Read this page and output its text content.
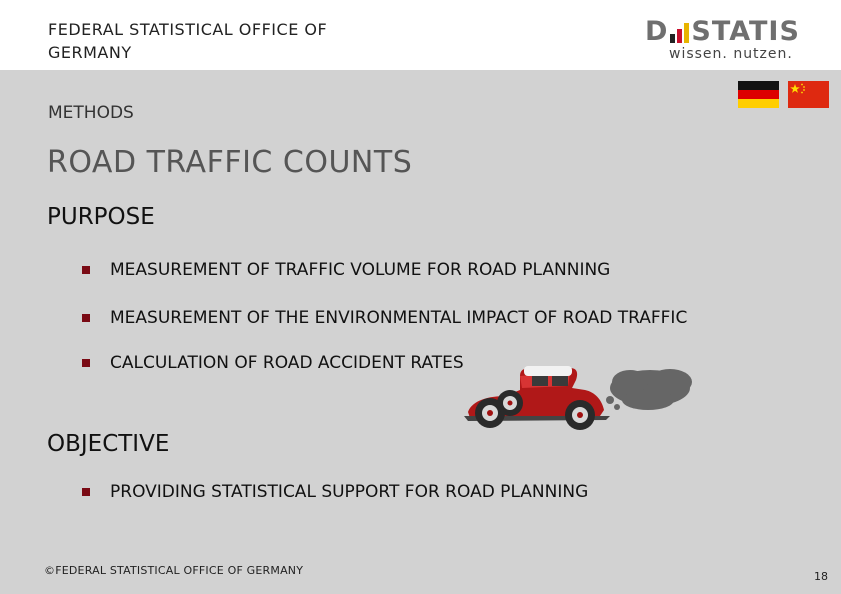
FEDERAL STATISTICAL OFFICE OF GERMANY
D STATIS
wissen. nutzen.
METHODS
ROAD TRAFFIC COUNTS
PURPOSE
MEASUREMENT OF TRAFFIC VOLUME FOR ROAD PLANNING
MEASUREMENT OF THE ENVIRONMENTAL IMPACT OF ROAD TRAFFIC
CALCULATION OF ROAD ACCIDENT RATES
OBJECTIVE
PROVIDING STATISTICAL SUPPORT FOR ROAD PLANNING
©FEDERAL STATISTICAL OFFICE OF GERMANY	18
